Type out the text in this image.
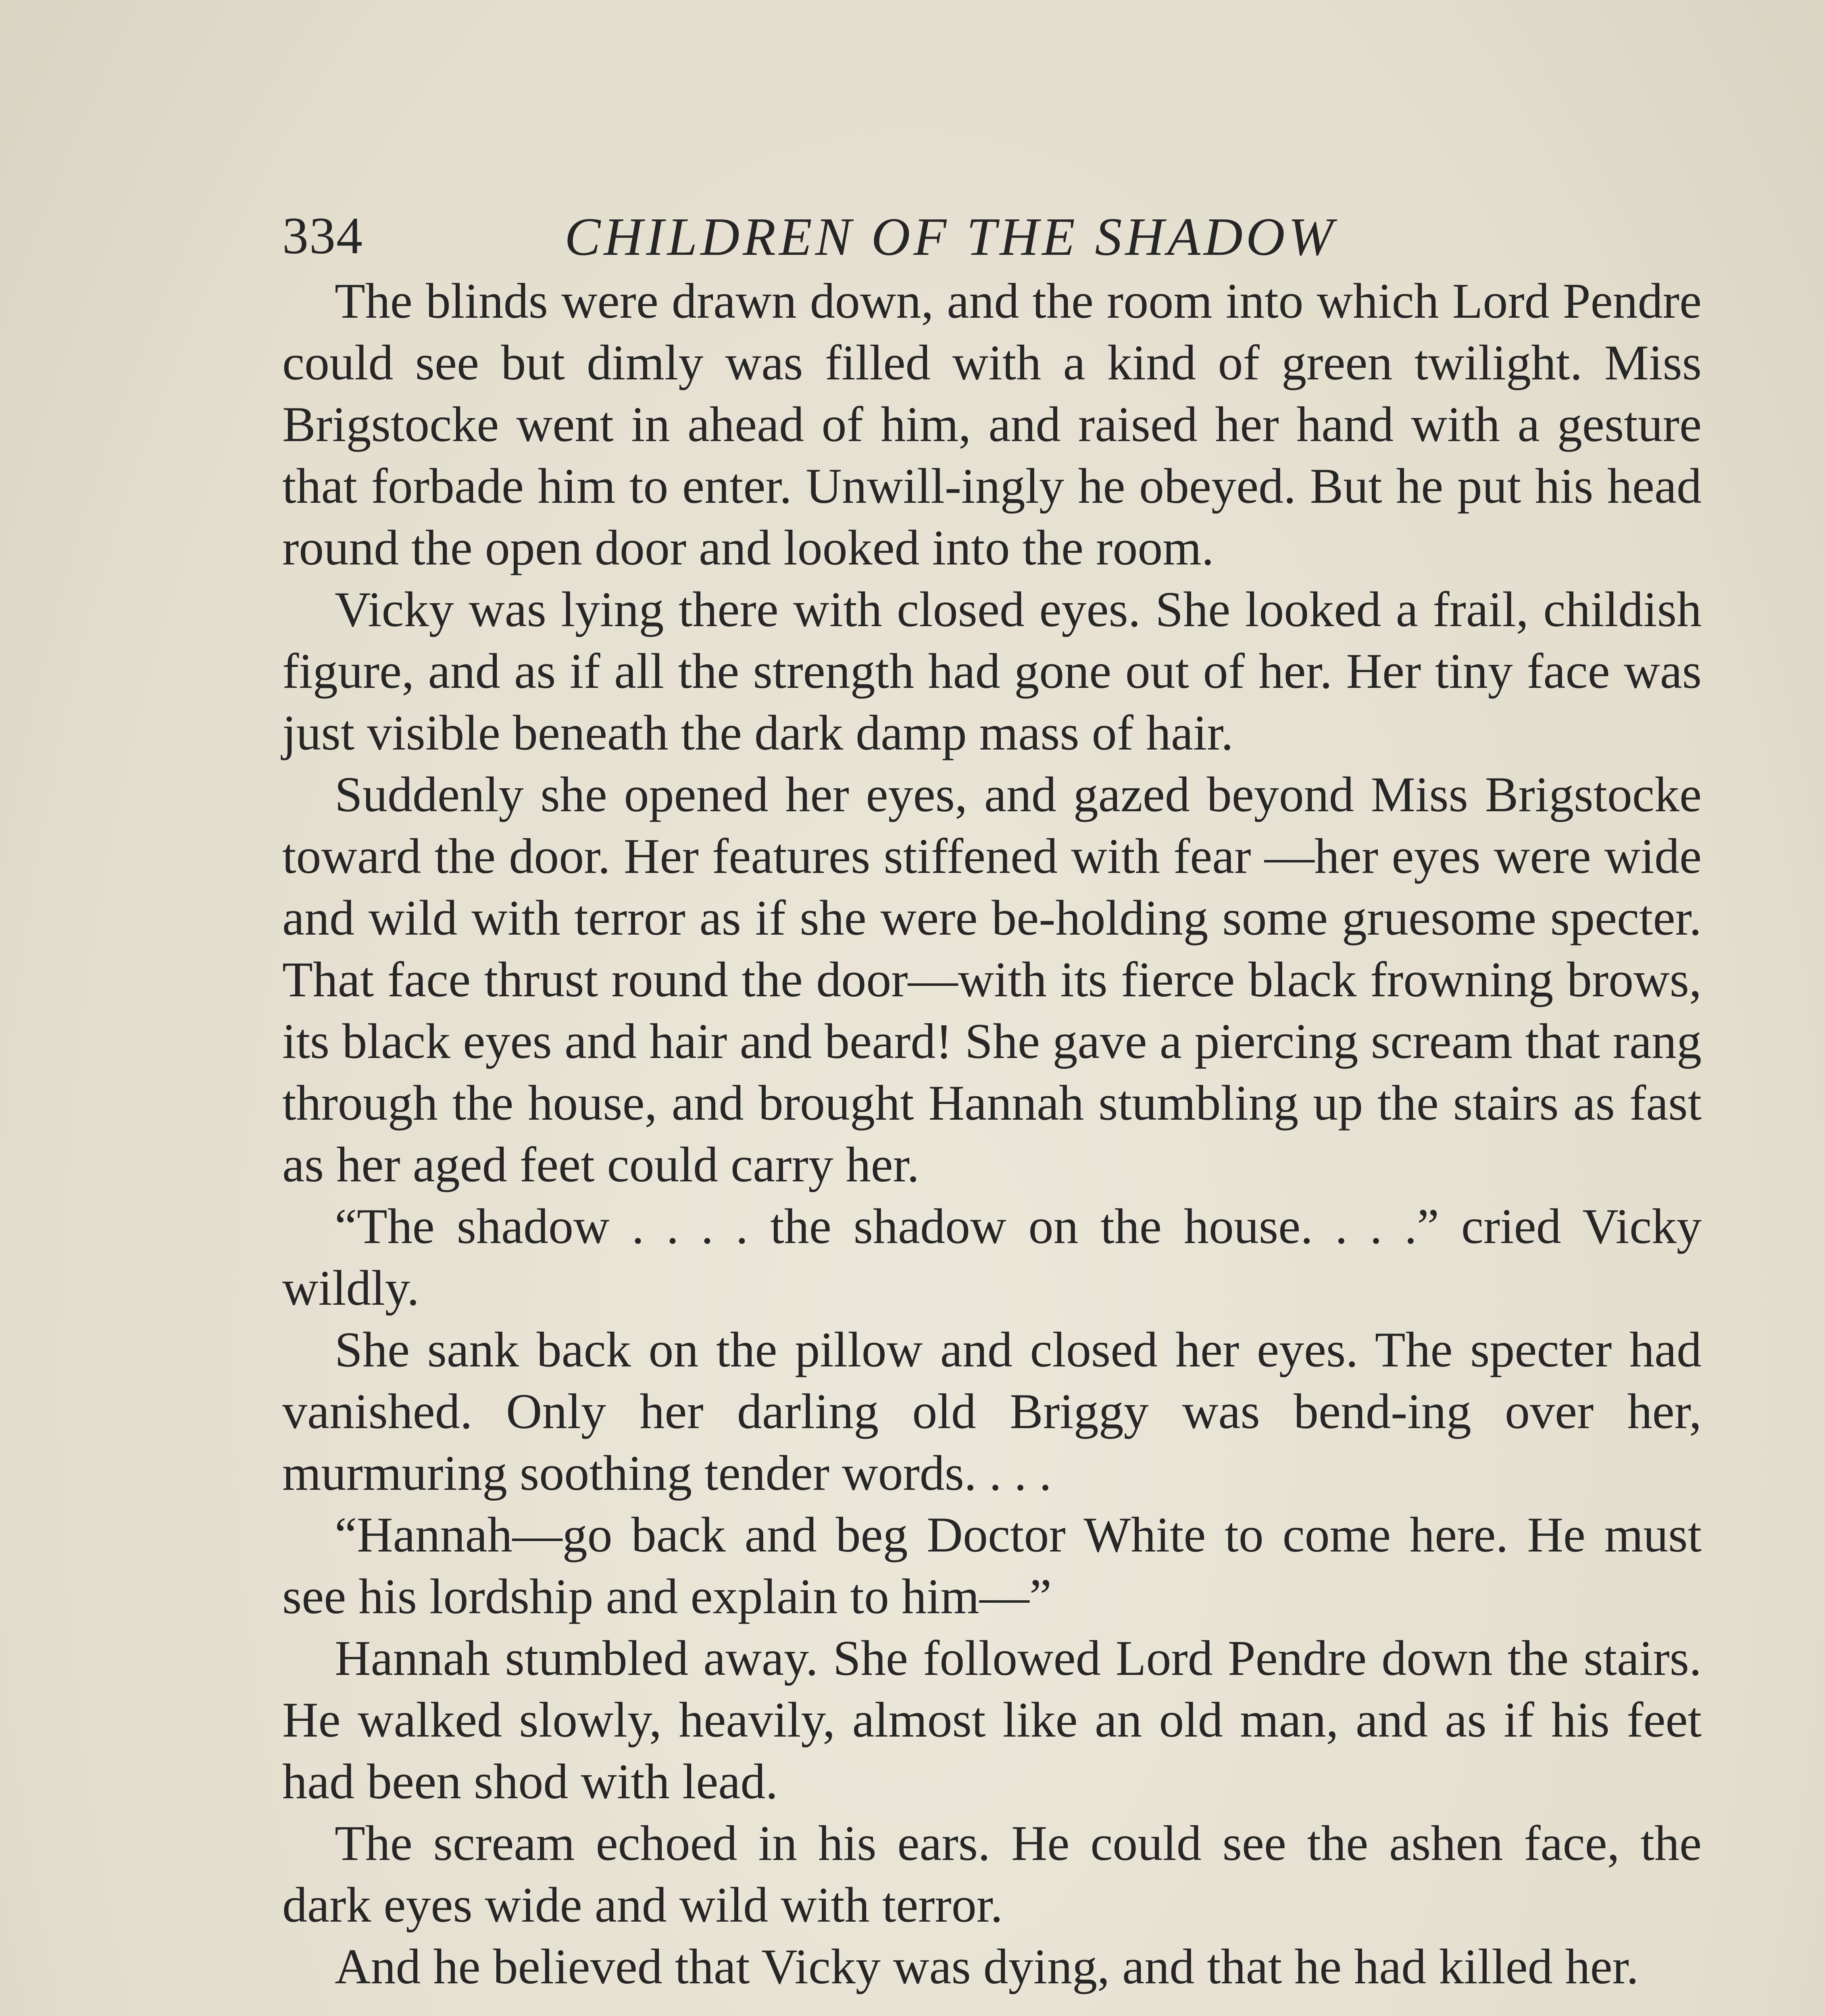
334	CHILDREN OF THE SHADOW

The blinds were drawn down, and the room into which Lord Pendre could see but dimly was filled with a kind of green twilight. Miss Brigstocke went in ahead of him, and raised her hand with a gesture that forbade him to enter. Unwill-ingly he obeyed. But he put his head round the open door and looked into the room.

Vicky was lying there with closed eyes. She looked a frail, childish figure, and as if all the strength had gone out of her. Her tiny face was just visible beneath the dark damp mass of hair.

Suddenly she opened her eyes, and gazed beyond Miss Brigstocke toward the door. Her features stiffened with fear —her eyes were wide and wild with terror as if she were be-holding some gruesome specter. That face thrust round the door—with its fierce black frowning brows, its black eyes and hair and beard! She gave a piercing scream that rang through the house, and brought Hannah stumbling up the stairs as fast as her aged feet could carry her.

“The shadow . . . . the shadow on the house. . . .” cried Vicky wildly.

She sank back on the pillow and closed her eyes. The specter had vanished. Only her darling old Briggy was bend-ing over her, murmuring soothing tender words. . . .

“Hannah—go back and beg Doctor White to come here. He must see his lordship and explain to him—”

Hannah stumbled away. She followed Lord Pendre down the stairs. He walked slowly, heavily, almost like an old man, and as if his feet had been shod with lead.

The scream echoed in his ears. He could see the ashen face, the dark eyes wide and wild with terror.

And he believed that Vicky was dying, and that he had killed her.
